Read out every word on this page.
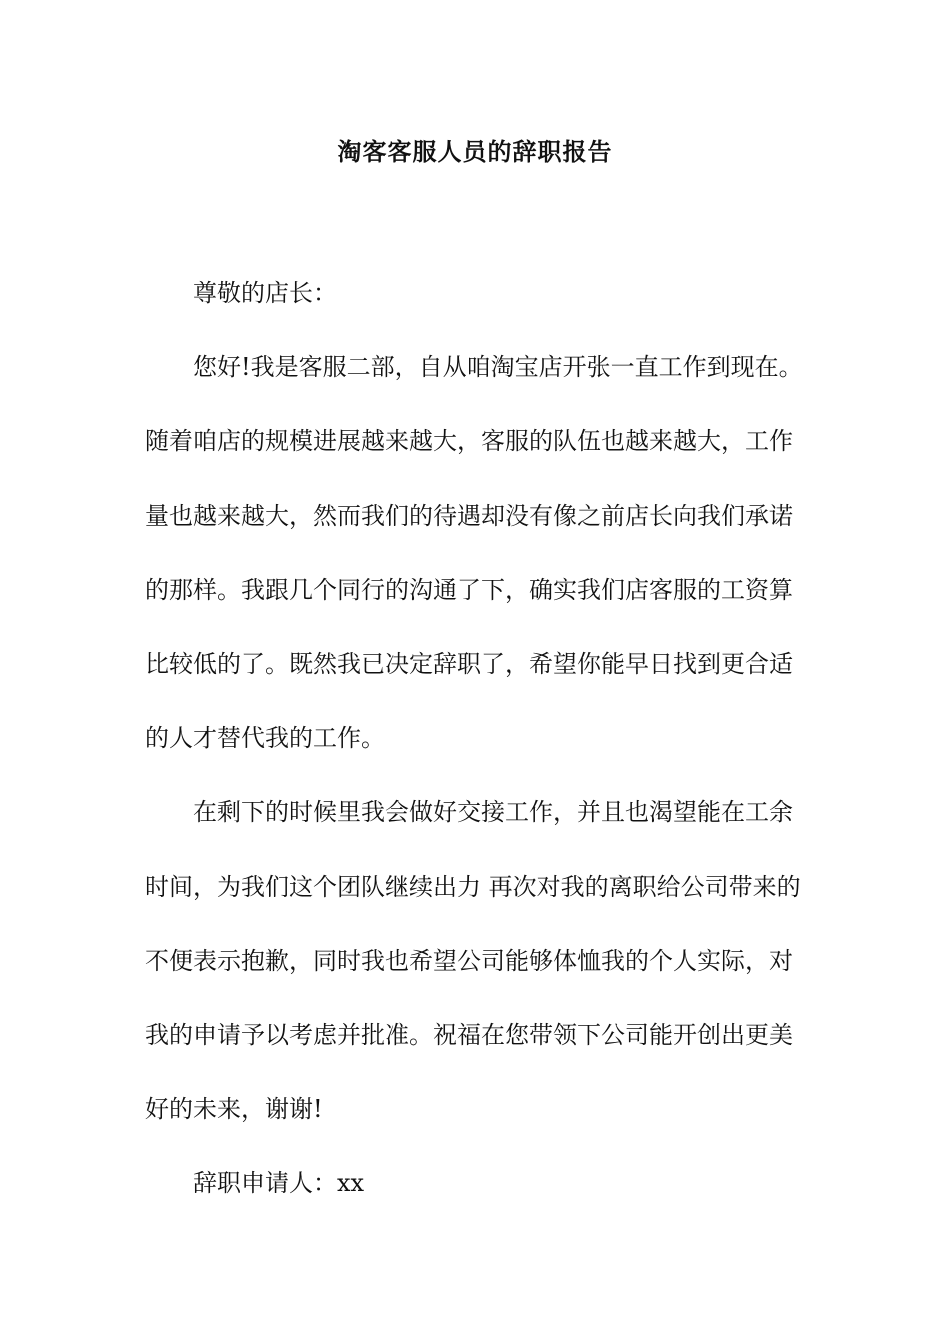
淘客客服人员的辞职报告
尊敬的店长：
您好!我是客服二部，自从咱淘宝店开张一直工作到现在。
随着咱店的规模进展越来越大，客服的队伍也越来越大，工作
量也越来越大，然而我们的待遇却没有像之前店长向我们承诺
的那样。我跟几个同行的沟通了下，确实我们店客服的工资算
比较低的了。既然我已决定辞职了，希望你能早日找到更合适
的人才替代我的工作。
在剩下的时候里我会做好交接工作，并且也渴望能在工余
时间，为我们这个团队继续出力 再次对我的离职给公司带来的
不便表示抱歉，同时我也希望公司能够体恤我的个人实际，对
我的申请予以考虑并批准。祝福在您带领下公司能开创出更美
好的未来，谢谢!
辞职申请人：xx
